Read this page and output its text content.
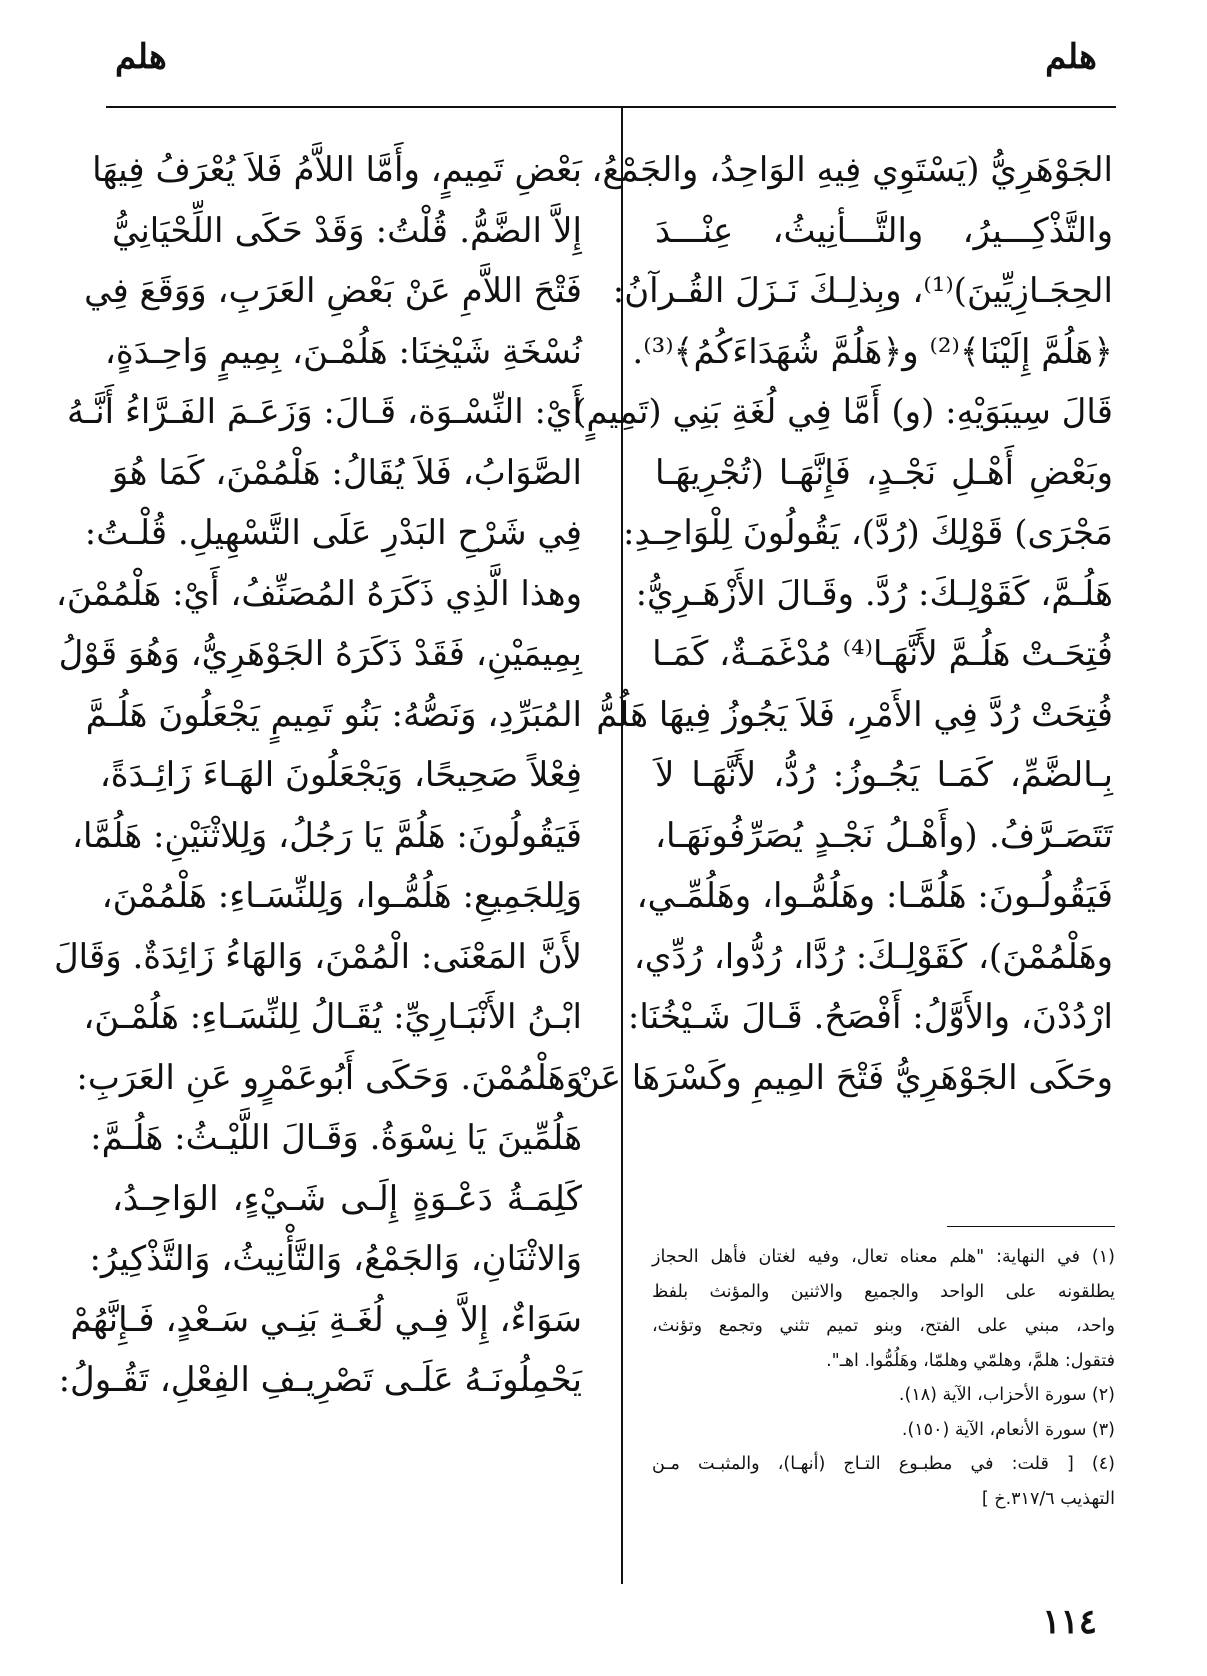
هلم
هلم
الجَوْهَرِيُّ (يَسْتَوِي فِيهِ الوَاحِدُ، والجَمْعُ،
والتَّذْكِـــيرُ، والتَّـــأنِيثُ، عِنْـــدَ
الحِجَـازِيِّينَ)⁽¹⁾، وبِذلِـكَ نَـزَلَ القُـرآنُ:
﴿هَلُمَّ إِلَيْنَا﴾⁽²⁾ و﴿هَلُمَّ شُهَدَاءَكُمُ﴾⁽³⁾.
قَالَ سِيبَوَيْهِ: (و) أَمَّا فِي لُغَةِ بَنِي (تَمِيمٍ)
وبَعْضِ أَهْـلِ نَجْـدٍ، فَإِنَّهَـا (تُجْرِيهَـا
مَجْرَى) قَوْلِكَ (رُدَّ)، يَقُولُونَ لِلْوَاحِـدِ:
هَلُـمَّ، كَقَوْلِـكَ: رُدَّ. وقَـالَ الأَزْهَـرِيُّ:
فُتِحَـتْ هَلُـمَّ لأَنَّهَـا⁽⁴⁾ مُدْغَمَـةٌ، كَمَـا
فُتِحَتْ رُدَّ فِي الأَمْرِ، فَلاَ يَجُوزُ فِيهَا هَلُمُّ
بِـالضَّمِّ، كَمَـا يَجُـوزُ: رُدُّ، لأَنَّهَـا لاَ
تَتَصَـرَّفُ. (وأَهْـلُ نَجْـدٍ يُصَرِّفُونَهَـا،
فَيَقُولُـونَ: هَلُمَّـا: وهَلُمُّـوا، وهَلُمِّـي،
وهَلْمُمْنَ)، كَقَوْلِـكَ: رُدَّا، رُدُّوا، رُدِّي،
ارْدُدْنَ، والأَوَّلُ: أَفْصَحُ. قَـالَ شَـيْخُنَا:
وحَكَى الجَوْهَرِيُّ فَتْحَ المِيمِ وكَسْرَهَا عَنْ
بَعْضِ تَمِيمٍ، وأَمَّا اللاَّمُ فَلاَ يُعْرَفُ فِيهَا
إِلاَّ الضَّمُّ. قُلْتُ: وَقَدْ حَكَى اللِّحْيَانِيُّ
فَتْحَ اللاَّمِ عَنْ بَعْضِ العَرَبِ، وَوَقَعَ فِي
نُسْخَةِ شَيْخِنَا: هَلُمْـنَ، بِمِيمٍ وَاحِـدَةٍ،
أَيْ: النِّسْـوَة، قَـالَ: وَزَعَـمَ الفَـرَّاءُ أَنَّـهُ
الصَّوَابُ، فَلاَ يُقَالُ: هَلْمُمْنَ، كَمَا هُوَ
فِي شَرْحِ البَدْرِ عَلَى التَّسْهِيلِ. قُلْـتُ:
وهذا الَّذِي ذَكَرَهُ المُصَنِّفُ، أَيْ: هَلْمُمْنَ،
بِمِيمَيْنِ، فَقَدْ ذَكَرَهُ الجَوْهَرِيُّ، وَهُوَ قَوْلُ
المُبَرِّدِ، وَنَصُّهُ: بَنُو تَمِيمٍ يَجْعَلُونَ هَلُـمَّ
فِعْلاً صَحِيحًا، وَيَجْعَلُونَ الهَـاءَ زَائِـدَةً،
فَيَقُولُونَ: هَلُمَّ يَا رَجُلُ، وَلِلاثْنَيْنِ: هَلُمَّا،
وَلِلجَمِيعِ: هَلُمُّـوا، وَلِلنِّسَـاءِ: هَلْمُمْنَ،
لأَنَّ المَعْنَى: الْمُمْنَ، وَالهَاءُ زَائِدَةٌ. وَقَالَ
ابْـنُ الأَنْبَـارِيِّ: يُقَـالُ لِلنِّسَـاءِ: هَلُمْـنَ،
وَهَلْمُمْنَ. وَحَكَى أَبُوعَمْرٍو عَنِ العَرَبِ:
هَلُمِّينَ يَا نِسْوَةُ. وَقَـالَ اللَّيْـثُ: هَلُـمَّ:
كَلِمَـةُ دَعْـوَةٍ إِلَـى شَـيْءٍ، الوَاحِـدُ،
وَالاثْنَانِ، وَالجَمْعُ، وَالتَّأْنِيثُ، وَالتَّذْكِيرُ:
سَوَاءٌ، إِلاَّ فِـي لُغَـةِ بَنِـي سَـعْدٍ، فَـإِنَّهُمْ
يَحْمِلُونَـهُ عَلَـى تَصْرِيـفِ الفِعْلِ، تَقُـولُ:
(١) في النهاية: "هلم معناه تعال، وفيه لغتان فأهل الحجاز
يطلقونه على الواحد والجميع والاثنين والمؤنث بلفظ
واحد، مبني على الفتح، وبنو تميم تثني وتجمع وتؤنث،
فتقول: هلمَّ، وهلمّي وهلمّا، وهَلُمُّوا. اهـ".
(٢) سورة الأحزاب، الآية (١٨).
(٣) سورة الأنعام، الآية (١٥٠).
(٤) [ قلت: في مطبـوع التـاج (أنهـا)، والمثبـت مـن
التهذيب ٣١٧/٦.خ ]
١١٤
